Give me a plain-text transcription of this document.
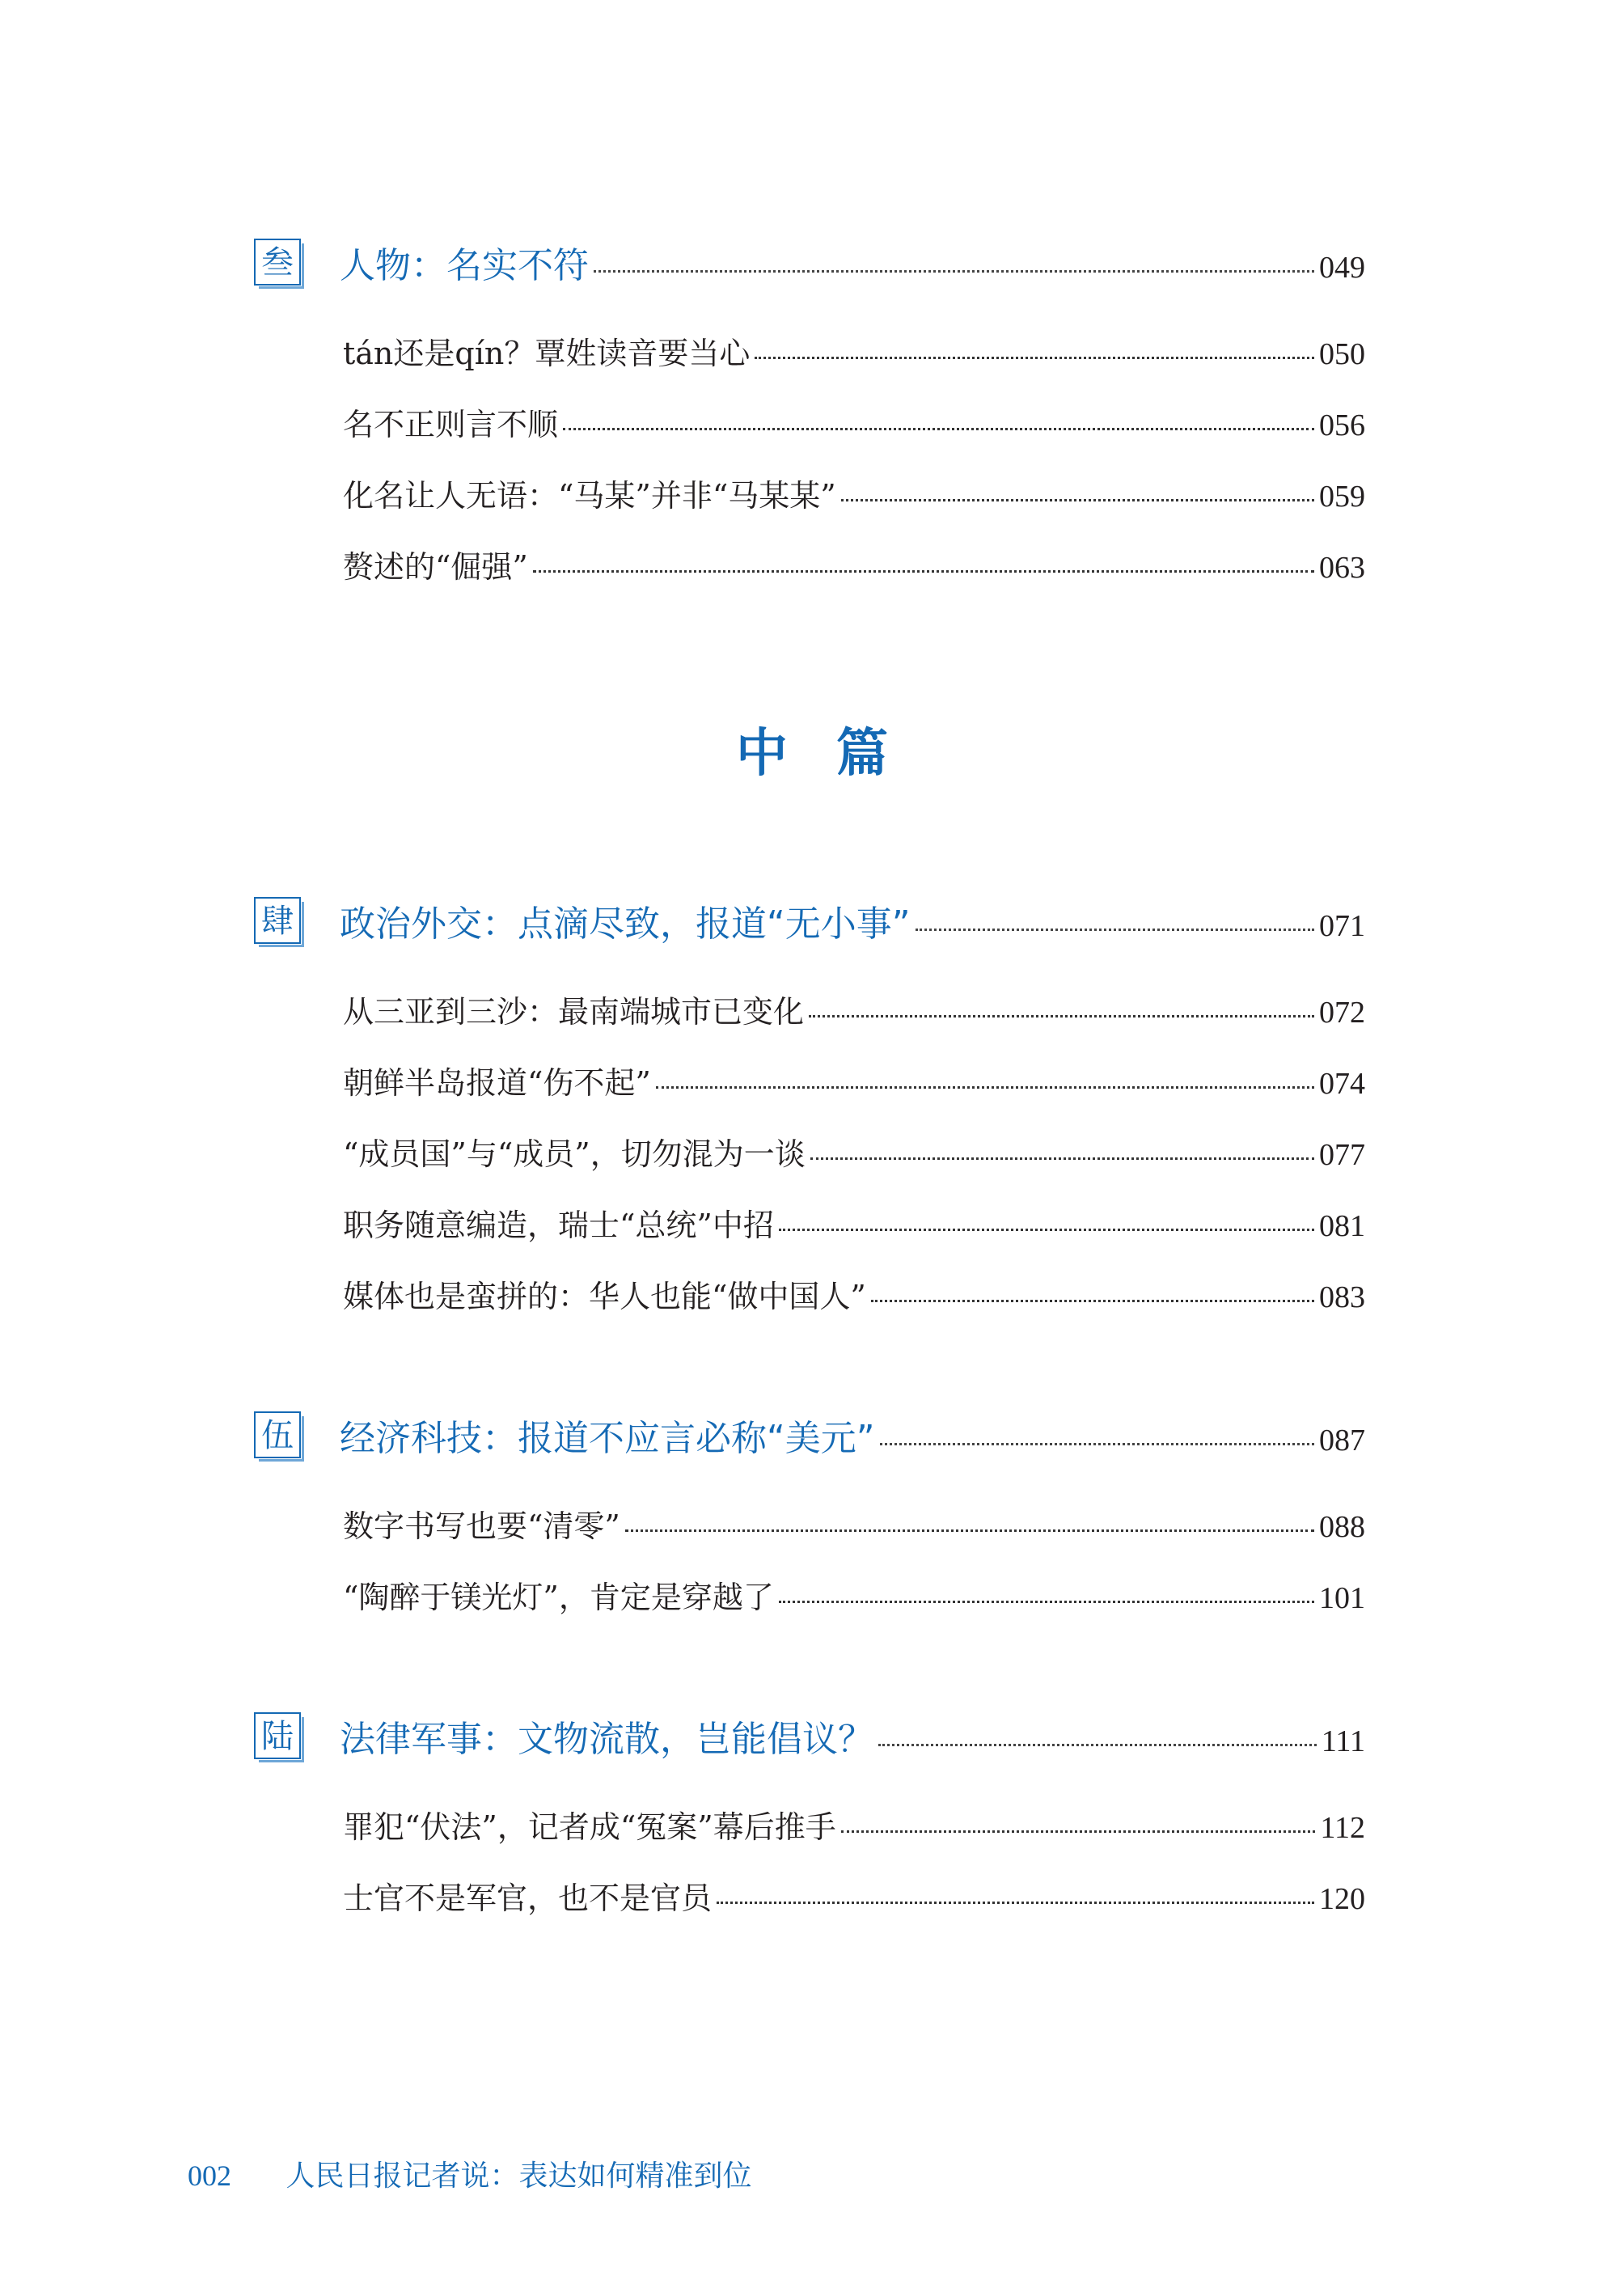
叁 人物：名实不符	049
tán还是qín？覃姓读音要当心	050
名不正则言不顺	056
化名让人无语：“马某”并非“马某某”	059
赘述的“倔强”	063
中篇
肆 政治外交：点滴尽致，报道“无小事”	071
从三亚到三沙：最南端城市已变化	072
朝鲜半岛报道“伤不起”	074
“成员国”与“成员”，切勿混为一谈	077
职务随意编造，瑞士“总统”中招	081
媒体也是蛮拼的：华人也能“做中国人”	083
伍 经济科技：报道不应言必称“美元”	087
数字书写也要“清零”	088
“陶醉于镁光灯”，肯定是穿越了	101
陆 法律军事：文物流散，岂能倡议？	111
罪犯“伏法”，记者成“冤案”幕后推手	112
士官不是军官，也不是官员	120
002 人民日报记者说：表达如何精准到位
